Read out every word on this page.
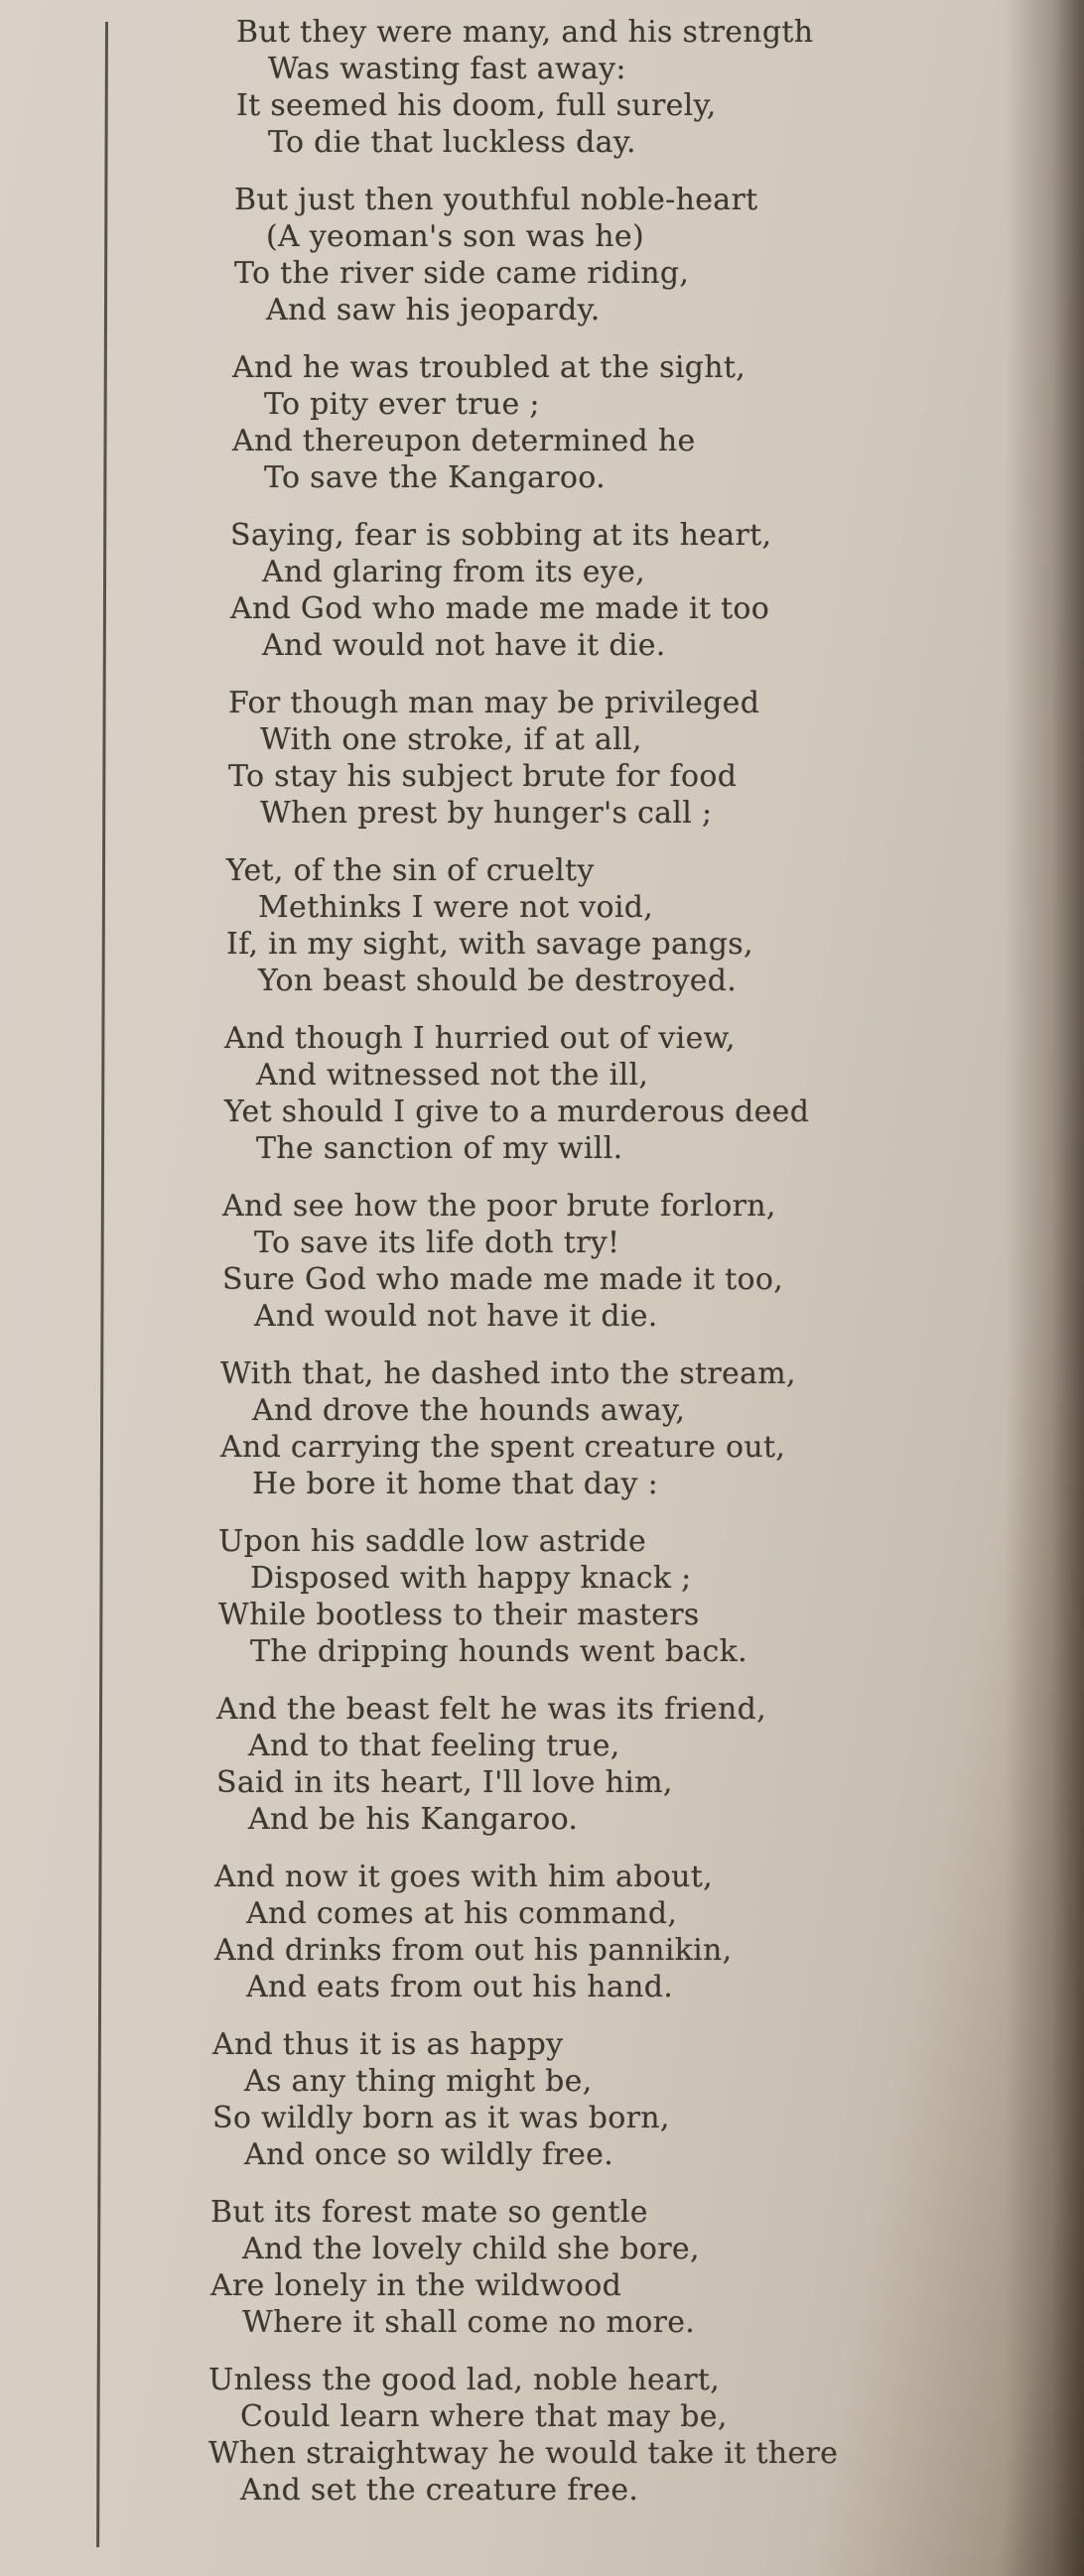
But they were many, and his strength
Was wasting fast away:
It seemed his doom, full surely,
To die that luckless day.
But just then youthful noble-heart
(A yeoman's son was he)
To the river side came riding,
And saw his jeopardy.
And he was troubled at the sight,
To pity ever true ;
And thereupon determined he
To save the Kangaroo.
Saying, fear is sobbing at its heart,
And glaring from its eye,
And God who made me made it too
And would not have it die.
For though man may be privileged
With one stroke, if at all,
To stay his subject brute for food
When prest by hunger's call ;
Yet, of the sin of cruelty
Methinks I were not void,
If, in my sight, with savage pangs,
Yon beast should be destroyed.
And though I hurried out of view,
And witnessed not the ill,
Yet should I give to a murderous deed
The sanction of my will.
And see how the poor brute forlorn,
To save its life doth try!
Sure God who made me made it too,
And would not have it die.
With that, he dashed into the stream,
And drove the hounds away,
And carrying the spent creature out,
He bore it home that day :
Upon his saddle low astride
Disposed with happy knack ;
While bootless to their masters
The dripping hounds went back.
And the beast felt he was its friend,
And to that feeling true,
Said in its heart, I'll love him,
And be his Kangaroo.
And now it goes with him about,
And comes at his command,
And drinks from out his pannikin,
And eats from out his hand.
And thus it is as happy
As any thing might be,
So wildly born as it was born,
And once so wildly free.
But its forest mate so gentle
And the lovely child she bore,
Are lonely in the wildwood
Where it shall come no more.
Unless the good lad, noble heart,
Could learn where that may be,
When straightway he would take it there
And set the creature free.
